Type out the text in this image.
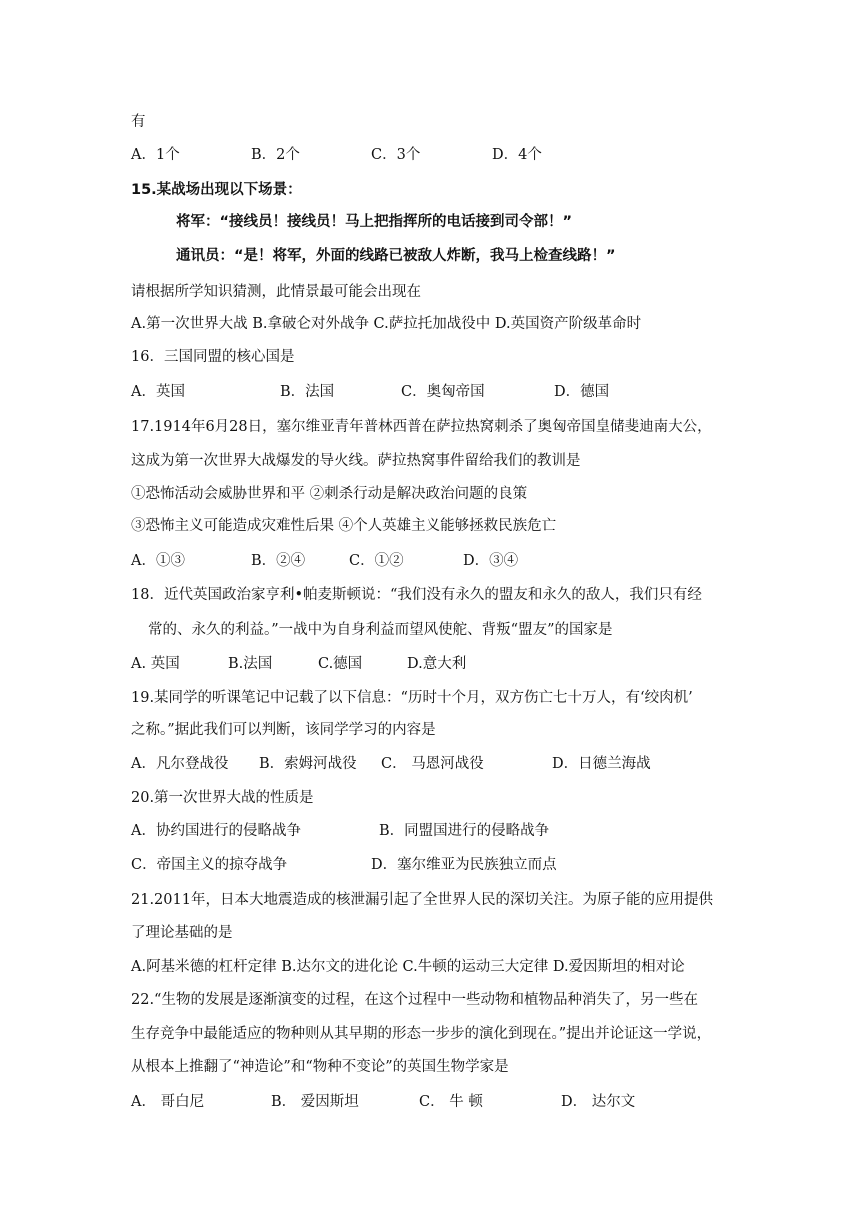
有
A．1个	B．2个	C．3个	D．4个
15.某战场出现以下场景：
将军：“接线员！接线员！马上把指挥所的电话接到司令部！”
通讯员：“是！将军，外面的线路已被敌人炸断，我马上检查线路！”
请根据所学知识猜测，此情景最可能会出现在
A.第一次世界大战 B.拿破仑对外战争 C.萨拉托加战役中 D.英国资产阶级革命时
16．三国同盟的核心国是
A．英国	B．法国	C．奥匈帝国	D．德国
17.1914年6月28日，塞尔维亚青年普林西普在萨拉热窝刺杀了奥匈帝国皇储斐迪南大公，
这成为第一次世界大战爆发的导火线。萨拉热窝事件留给我们的教训是
①恐怖活动会威胁世界和平 ②刺杀行动是解决政治问题的良策
③恐怖主义可能造成灾难性后果 ④个人英雄主义能够拯救民族危亡
A．①③	B．②④	C．①②	D．③④
18．近代英国政治家亨利•帕麦斯顿说：“我们没有永久的盟友和永久的敌人，我们只有经
常的、永久的利益。”一战中为自身利益而望风使舵、背叛“盟友”的国家是
A. 英国	B.法国	C.德国	D.意大利
19.某同学的听课笔记中记载了以下信息：“历时十个月，双方伤亡七十万人，有‘绞肉机’
之称。”据此我们可以判断，该同学学习的内容是
A．凡尔登战役 B．索姆河战役 C． 马恩河战役	D．日德兰海战
20.第一次世界大战的性质是
A．协约国进行的侵略战争	B．同盟国进行的侵略战争
C．帝国主义的掠夺战争	D．塞尔维亚为民族独立而点
21.2011年，日本大地震造成的核泄漏引起了全世界人民的深切关注。为原子能的应用提供
了理论基础的是
A.阿基米德的杠杆定律 B.达尔文的进化论 C.牛顿的运动三大定律 D.爱因斯坦的相对论
22.“生物的发展是逐渐演变的过程，在这个过程中一些动物和植物品种消失了，另一些在
生存竞争中最能适应的物种则从其早期的形态一步步的演化到现在。”提出并论证这一学说，
从根本上推翻了“神造论”和“物种不变论”的英国生物学家是
A． 哥白尼	B． 爱因斯坦	C． 牛 顿	D． 达尔文
